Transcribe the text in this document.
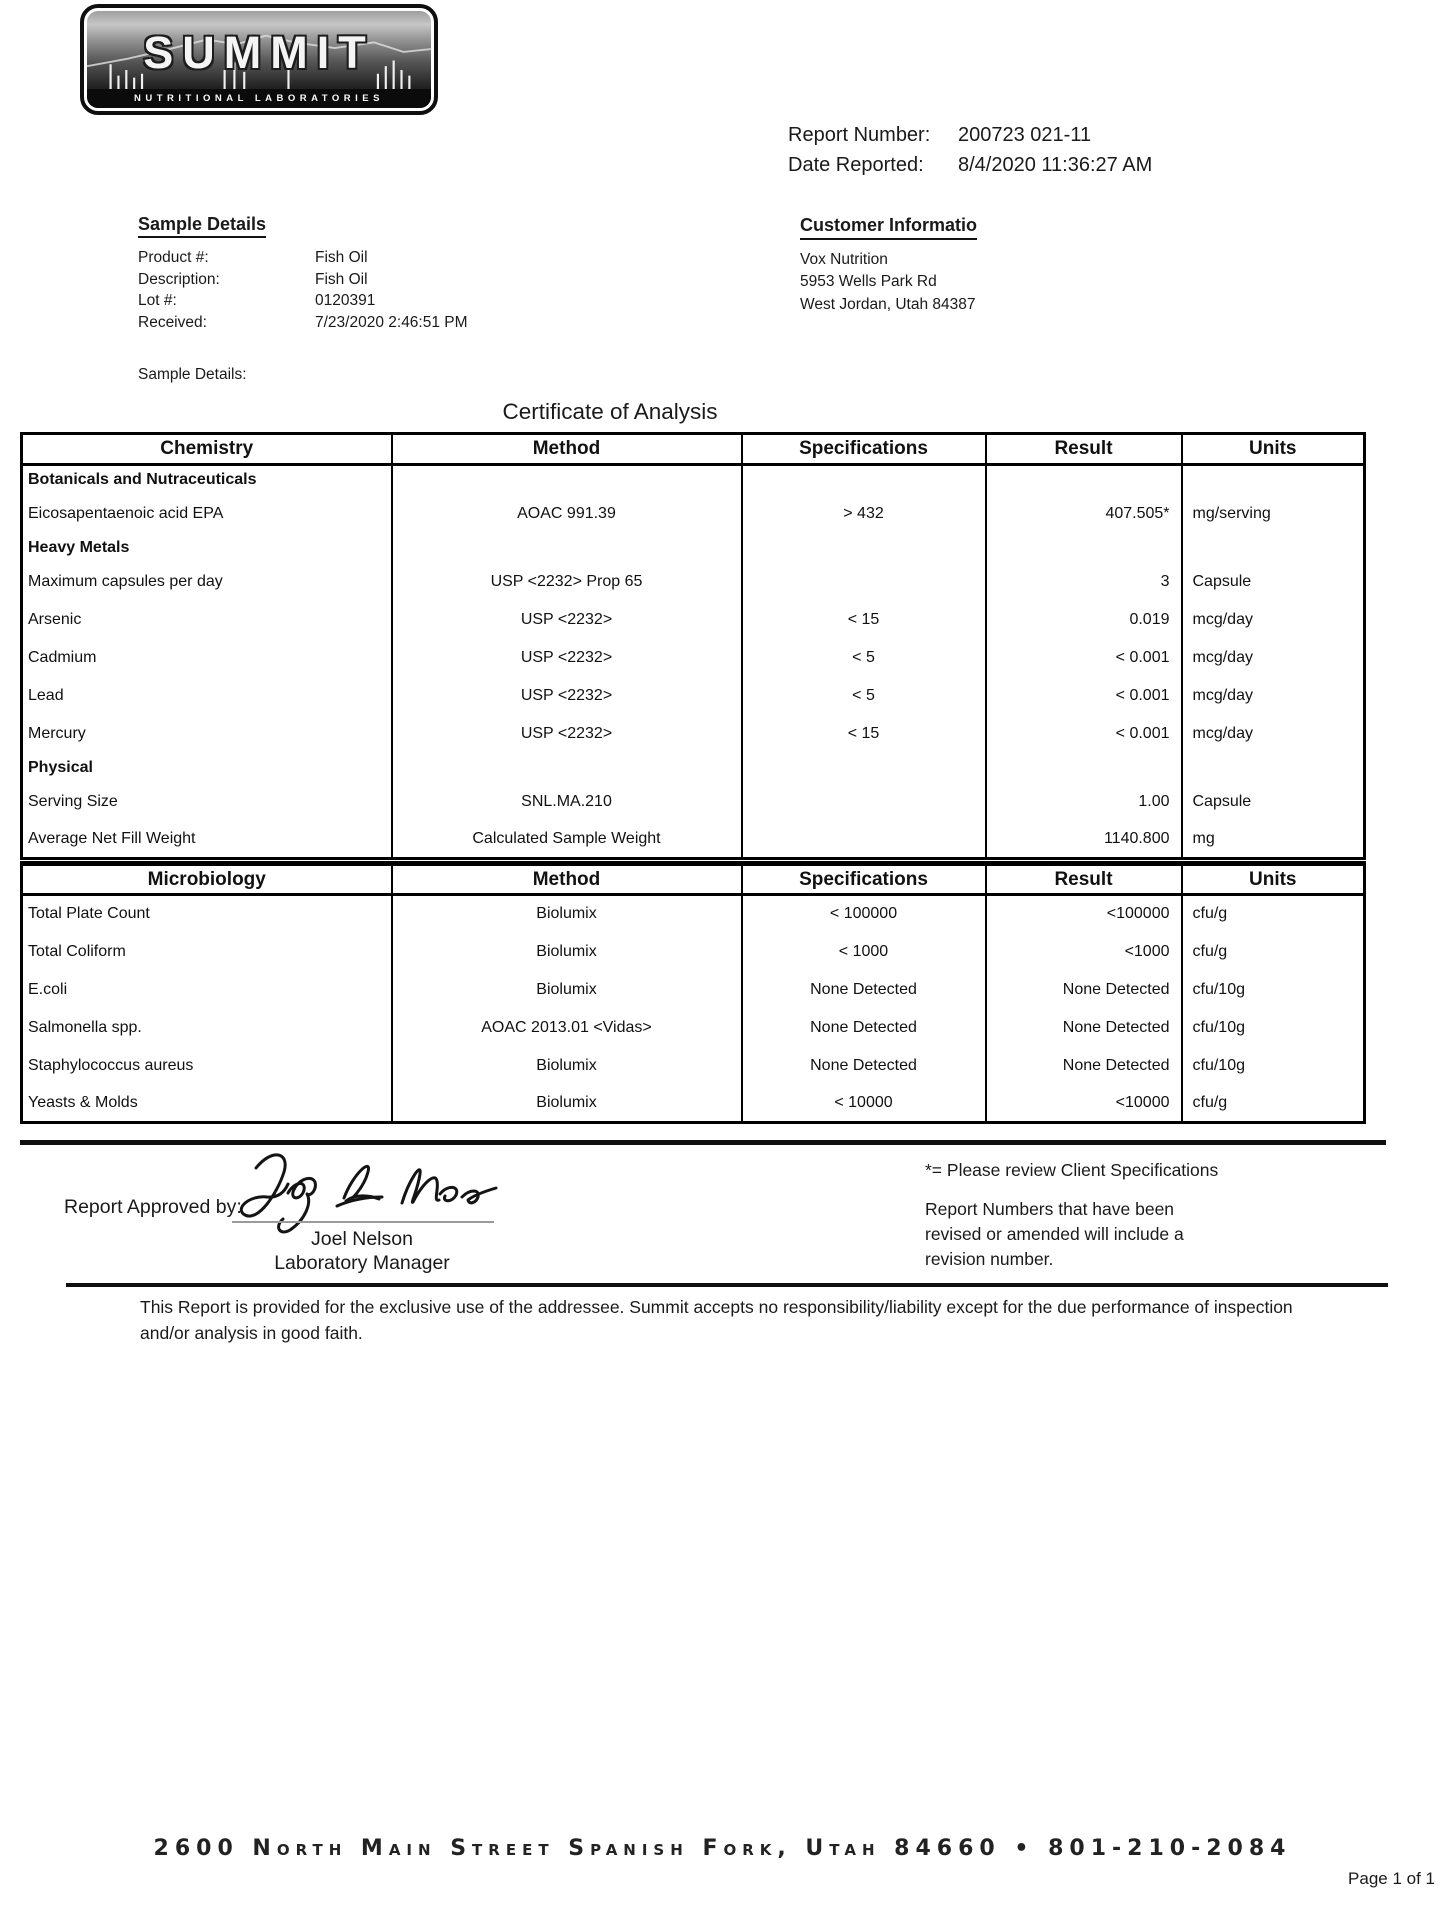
SUMMIT
NUTRITIONAL LABORATORIES
Report Number:	200723 021-11
Date Reported:	8/4/2020 11:36:27 AM
Sample Details
Product #:	Fish Oil
Description:	Fish Oil
Lot #:	0120391
Received:	7/23/2020 2:46:51 PM
Customer Informatio
Vox Nutrition
5953 Wells Park Rd
West Jordan, Utah 84387
Sample Details:
Certificate of Analysis
Chemistry	Method	Specifications	Result	Units
Botanicals and Nutraceuticals				
Eicosapentaenoic acid EPA	AOAC 991.39	> 432	407.505*	mg/serving
Heavy Metals				
Maximum capsules per day	USP <2232> Prop 65		3	Capsule
Arsenic	USP <2232>	< 15	0.019	mcg/day
Cadmium	USP <2232>	< 5	< 0.001	mcg/day
Lead	USP <2232>	< 5	< 0.001	mcg/day
Mercury	USP <2232>	< 15	< 0.001	mcg/day
Physical				
Serving Size	SNL.MA.210		1.00	Capsule
Average Net Fill Weight	Calculated Sample Weight		1140.800	mg
Microbiology	Method	Specifications	Result	Units
Total Plate Count	Biolumix	< 100000	<100000	cfu/g
Total Coliform	Biolumix	< 1000	<1000	cfu/g
E.coli	Biolumix	None Detected	None Detected	cfu/10g
Salmonella spp.	AOAC 2013.01 <Vidas>	None Detected	None Detected	cfu/10g
Staphylococcus aureus	Biolumix	None Detected	None Detected	cfu/10g
Yeasts & Molds	Biolumix	< 10000	<10000	cfu/g
Report Approved by:
Joel Nelson
Laboratory Manager
*= Please review Client Specifications
Report Numbers that have been revised or amended will include a revision number.
This Report is provided for the exclusive use of the addressee. Summit accepts no responsibility/liability except for the due performance of inspection and/or analysis in good faith.
2600 North Main Street Spanish Fork, Utah 84660 • 801-210-2084
Page 1 of 1
